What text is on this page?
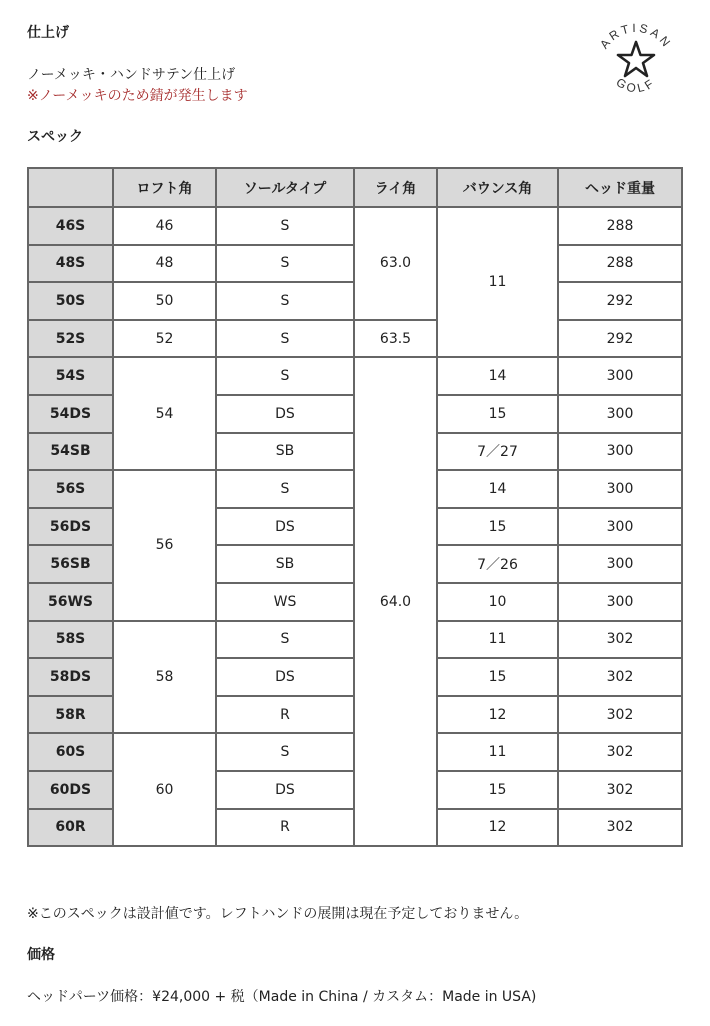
仕上げ
ノーメッキ・ハンドサテン仕上げ
※ノーメッキのため錆が発生します
ARTISAN
GOLF
スペック
	ロフト角	ソールタイプ	ライ角	バウンス角	ヘッド重量
46S	46	S	63.0	11	288
48S	48	S			288
50S	50	S			292
52S	52	S	63.5		292
54S	54	S	64.0	14	300
54DS		DS		15	300
54SB		SB		7／27	300
56S	56	S		14	300
56DS		DS		15	300
56SB		SB		7／26	300
56WS		WS		10	300
58S	58	S		11	302
58DS		DS		15	302
58R		R		12	302
60S	60	S		11	302
60DS		DS		15	302
60R		R		12	302
※このスペックは設計値です。レフトハンドの展開は現在予定しておりません。
価格
ヘッドパーツ価格：¥24,000 + 税（Made in China / カスタム：Made in USA)
